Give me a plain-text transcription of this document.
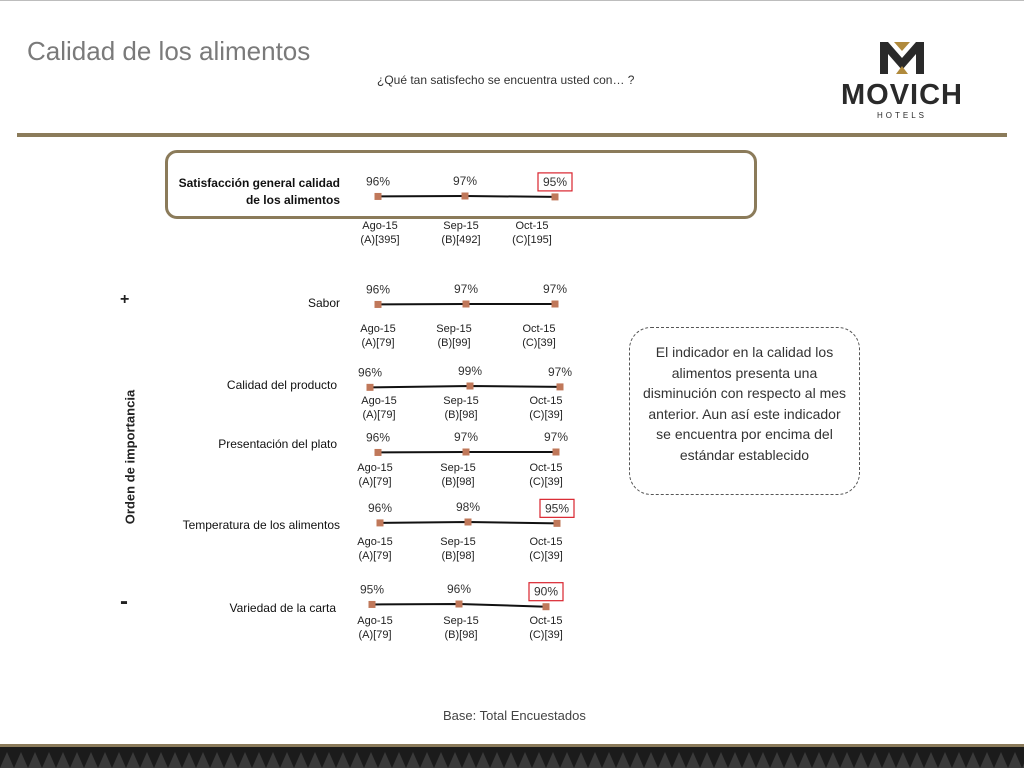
Calidad de los alimentos
¿Qué tan satisfecho se encuentra usted con… ?	MOVICH
HOTELS
Orden de importancia
+
-
Satisfacción general calidad
de los alimentos
Sabor
Calidad del producto
Presentación del plato
Temperatura de los alimentos
Variedad de la carta
96%
Ago-15
(A)[395]
97%
Sep-15
(B)[492]
95%
Oct-15
(C)[195]
96%
Ago-15
(A)[79]
97%
Sep-15
(B)[99]
97%
Oct-15
(C)[39]
96%
Ago-15
(A)[79]
99%
Sep-15
(B)[98]
97%
Oct-15
(C)[39]
96%
Ago-15
(A)[79]
97%
Sep-15
(B)[98]
97%
Oct-15
(C)[39]
96%
Ago-15
(A)[79]
98%
Sep-15
(B)[98]
95%
Oct-15
(C)[39]
95%
Ago-15
(A)[79]
96%
Sep-15
(B)[98]
90%
Oct-15
(C)[39]
El indicador en la calidad los alimentos presenta una disminución con respecto al mes anterior. Aun así este indicador se encuentra por encima del estándar establecido
Base: Total Encuestados
